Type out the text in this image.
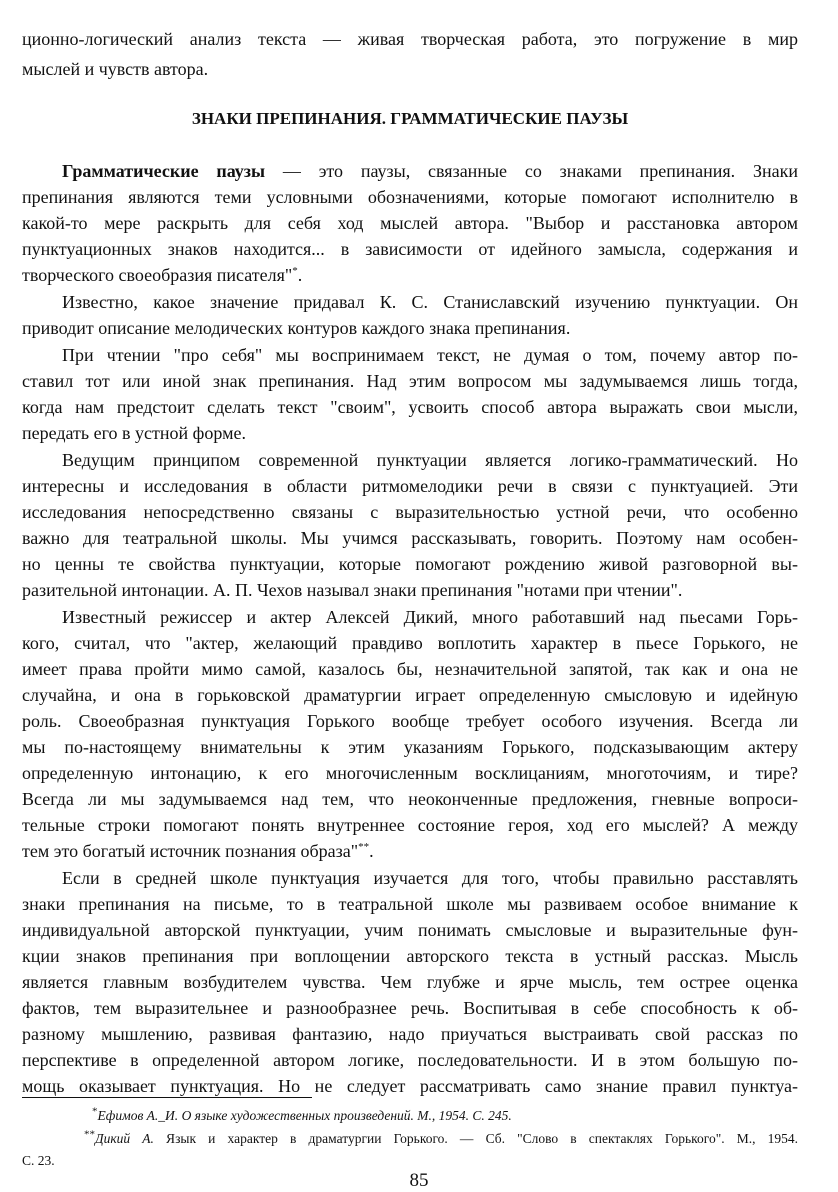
ционно-логический анализ текста — живая творческая работа, это погружение в мир
мыслей и чувств автора.
ЗНАКИ ПРЕПИНАНИЯ. ГРАММАТИЧЕСКИЕ ПАУЗЫ
Грамматические паузы — это паузы, связанные со знаками препинания. Знаки
препинания являются теми условными обозначениями, которые помогают исполнителю в
какой-то мере раскрыть для себя ход мыслей автора. "Выбор и расстановка автором
пунктуационных знаков находится... в зависимости от идейного замысла, содержания и
творческого своеобразия писателя"*.
Известно, какое значение придавал К. С. Станиславский изучению пунктуации. Он
приводит описание мелодических контуров каждого знака препинания.
При чтении "про себя" мы воспринимаем текст, не думая о том, почему автор по-
ставил тот или иной знак препинания. Над этим вопросом мы задумываемся лишь тогда,
когда нам предстоит сделать текст "своим", усвоить способ автора выражать свои мысли,
передать его в устной форме.
Ведущим принципом современной пунктуации является логико-грамматический. Но
интересны и исследования в области ритмомелодики речи в связи с пунктуацией. Эти
исследования непосредственно связаны с выразительностью устной речи, что особенно
важно для театральной школы. Мы учимся рассказывать, говорить. Поэтому нам особен-
но ценны те свойства пунктуации, которые помогают рождению живой разговорной вы-
разительной интонации. А. П. Чехов называл знаки препинания "нотами при чтении".
Известный режиссер и актер Алексей Дикий, много работавший над пьесами Горь-
кого, считал, что "актер, желающий правдиво воплотить характер в пьесе Горького, не
имеет права пройти мимо самой, казалось бы, незначительной запятой, так как и она не
случайна, и она в горьковской драматургии играет определенную смысловую и идейную
роль. Своеобразная пунктуация Горького вообще требует особого изучения. Всегда ли
мы по-настоящему внимательны к этим указаниям Горького, подсказывающим актеру
определенную интонацию, к его многочисленным восклицаниям, многоточиям, и тире?
Всегда ли мы задумываемся над тем, что неоконченные предложения, гневные вопроси-
тельные строки помогают понять внутреннее состояние героя, ход его мыслей? А между
тем это богатый источник познания образа"**.
Если в средней школе пунктуация изучается для того, чтобы правильно расставлять
знаки препинания на письме, то в театральной школе мы развиваем особое внимание к
индивидуальной авторской пунктуации, учим понимать смысловые и выразительные фун-
кции знаков препинания при воплощении авторского текста в устный рассказ. Мысль
является главным возбудителем чувства. Чем глубже и ярче мысль, тем острее оценка
фактов, тем выразительнее и разнообразнее речь. Воспитывая в себе способность к об-
разному мышлению, развивая фантазию, надо приучаться выстраивать свой рассказ по
перспективе в определенной автором логике, последовательности. И в этом большую по-
мощь оказывает пунктуация. Но не следует рассматривать само знание правил пунктуа-
*Ефимов А._И. О языке художественных произведений. М., 1954. С. 245.
**Дикий А. Язык и характер в драматургии Горького. — Сб. "Слово в спектаклях Горького". М., 1954.
С. 23.
85
